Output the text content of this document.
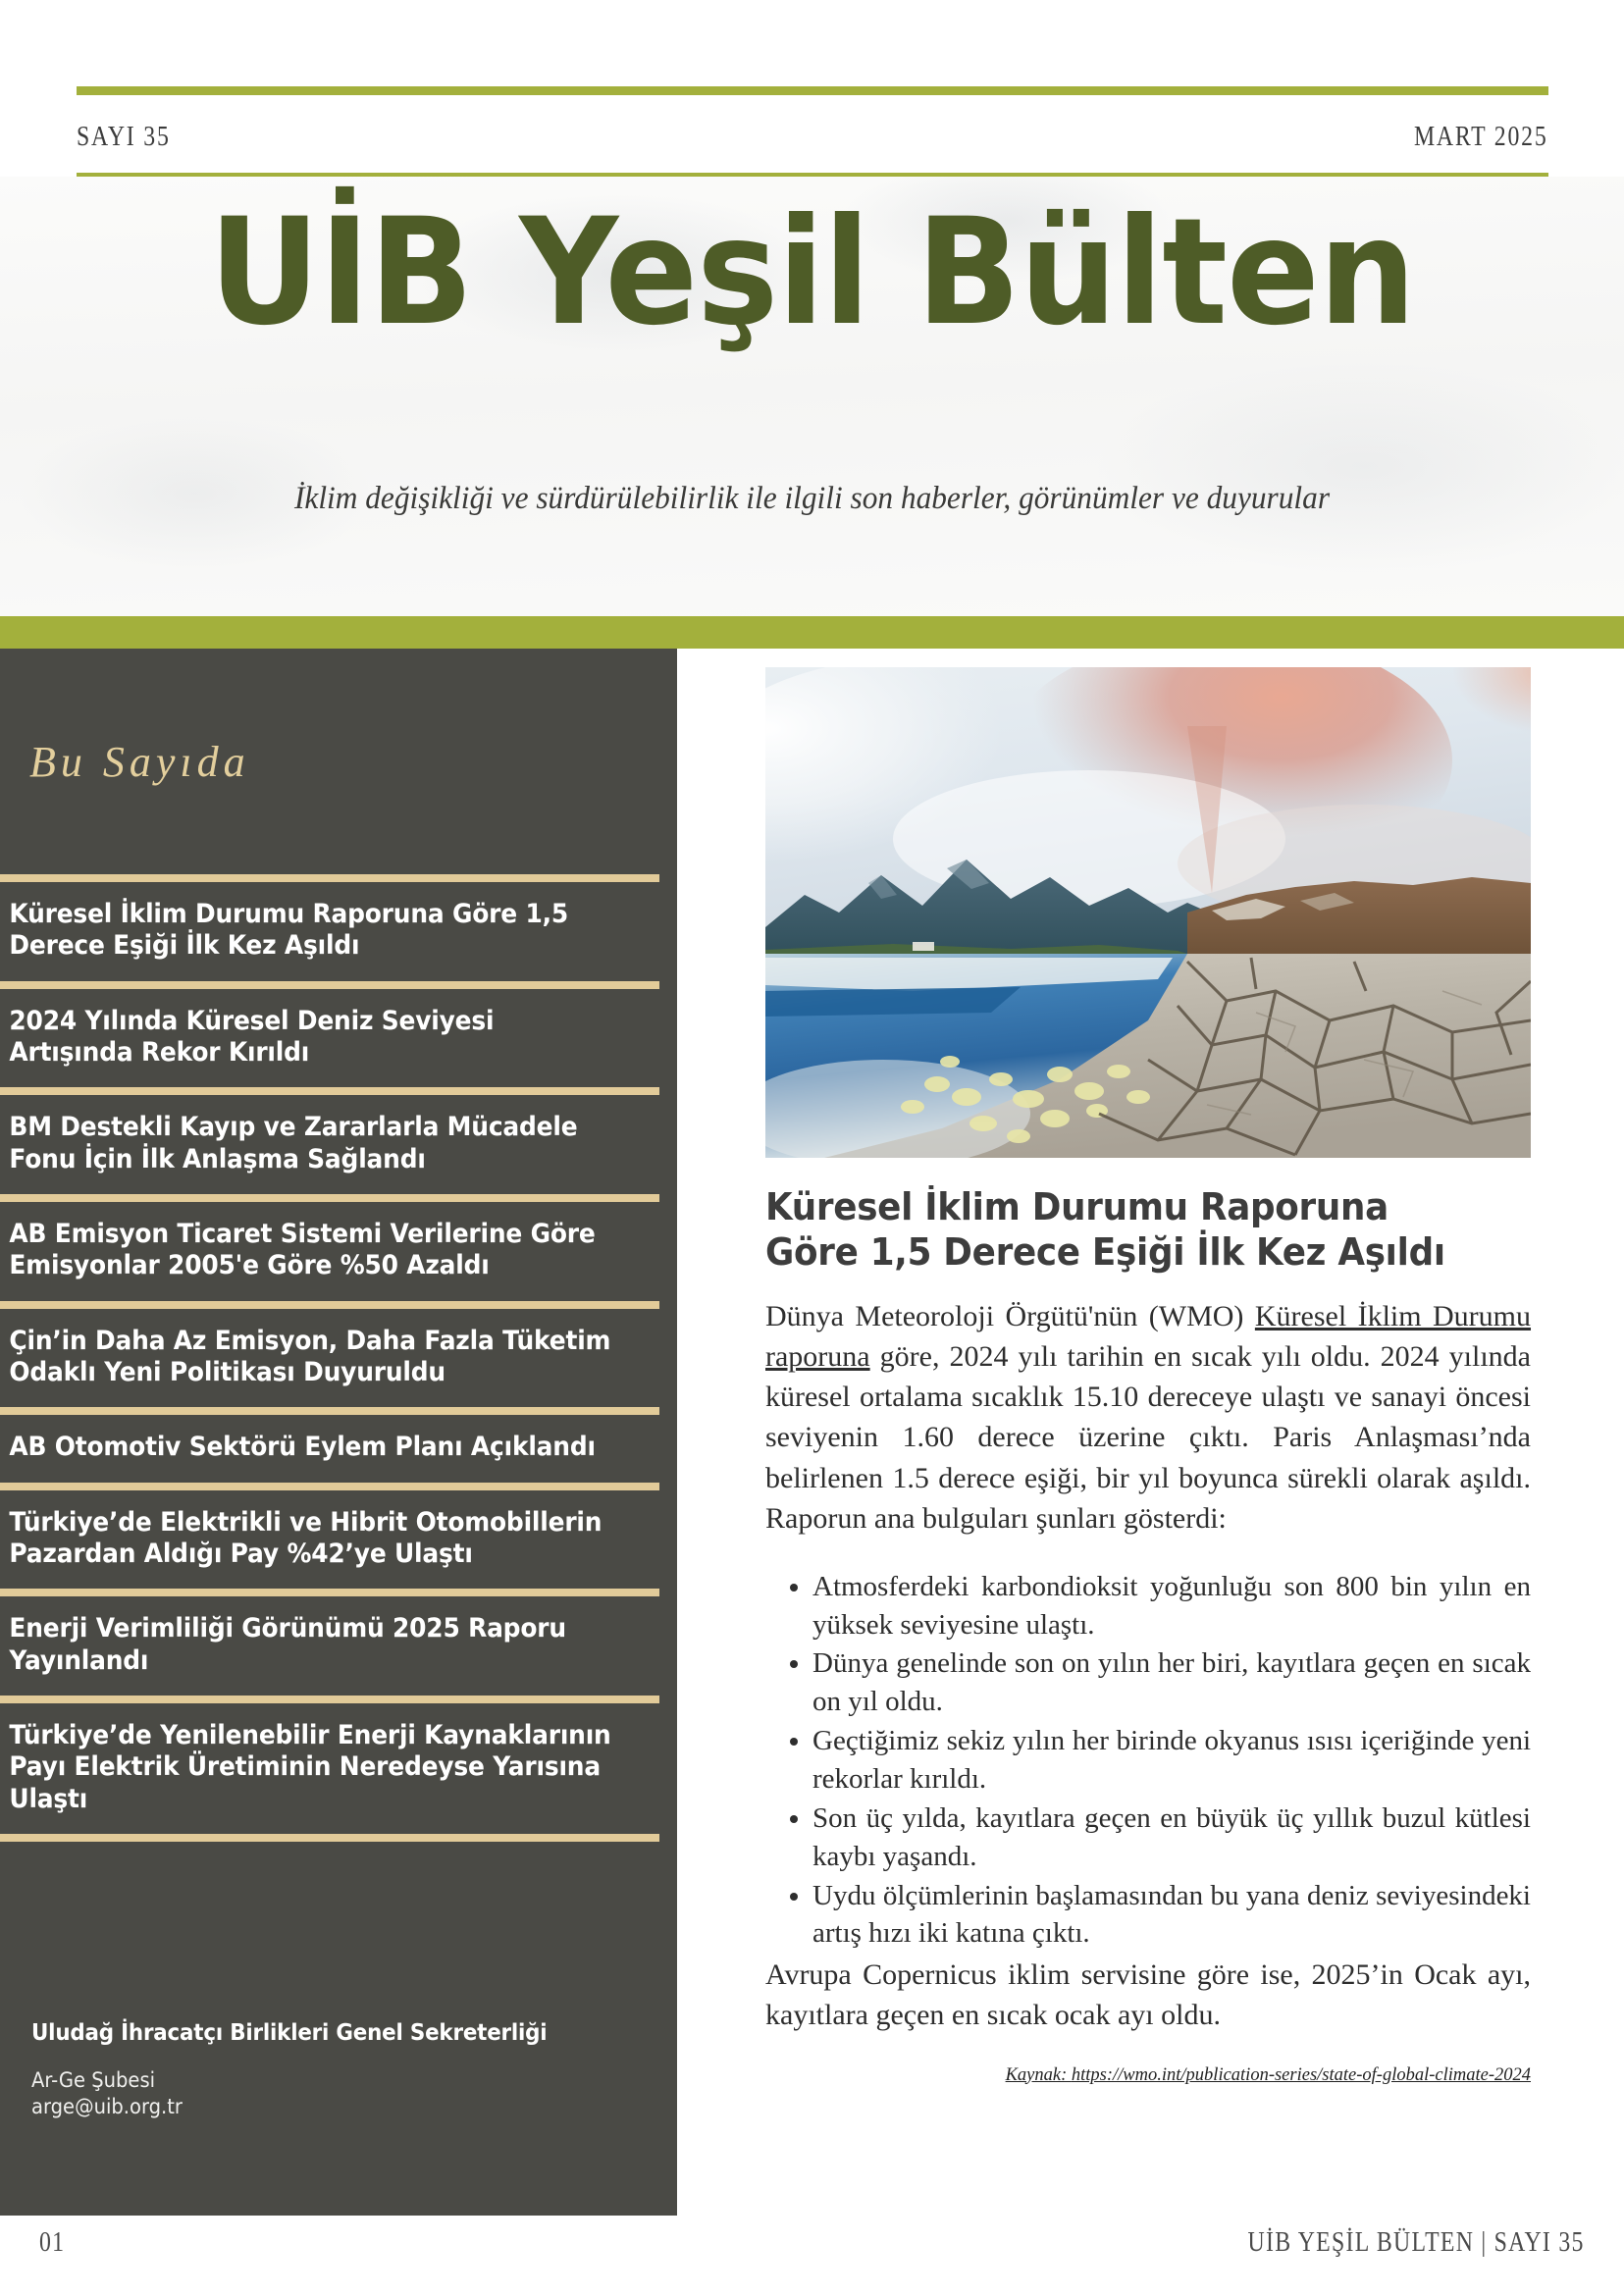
SAYI 35	MART 2025
UİB Yeşil Bülten
İklim değişikliği ve sürdürülebilirlik ile ilgili son haberler, görünümler ve duyurular
Bu Sayıda
Küresel İklim Durumu Raporuna Göre 1,5 Derece Eşiği İlk Kez Aşıldı
2024 Yılında Küresel Deniz Seviyesi Artışında Rekor Kırıldı
BM Destekli Kayıp ve Zararlarla Mücadele Fonu İçin İlk Anlaşma Sağlandı
AB Emisyon Ticaret Sistemi Verilerine Göre Emisyonlar 2005'e Göre %50 Azaldı
Çin’in Daha Az Emisyon, Daha Fazla Tüketim Odaklı Yeni Politikası Duyuruldu
AB Otomotiv Sektörü Eylem Planı Açıklandı
Türkiye’de Elektrikli ve Hibrit Otomobillerin Pazardan Aldığı Pay %42’ye Ulaştı
Enerji Verimliliği Görünümü 2025 Raporu Yayınlandı
Türkiye’de Yenilenebilir Enerji Kaynaklarının Payı Elektrik Üretiminin Neredeyse Yarısına Ulaştı
Uludağ İhracatçı Birlikleri Genel Sekreterliği
Ar-Ge Şubesi
arge@uib.org.tr
Küresel İklim Durumu Raporuna Göre 1,5 Derece Eşiği İlk Kez Aşıldı

Dünya Meteoroloji Örgütü'nün (WMO) Küresel İklim Durumu raporuna göre, 2024 yılı tarihin en sıcak yılı oldu. 2024 yılında küresel ortalama sıcaklık 15.10 dereceye ulaştı ve sanayi öncesi seviyenin 1.60 derece üzerine çıktı. Paris Anlaşması’nda belirlenen 1.5 derece eşiği, bir yıl boyunca sürekli olarak aşıldı. Raporun ana bulguları şunları gösterdi:

• Atmosferdeki karbondioksit yoğunluğu son 800 bin yılın en yüksek seviyesine ulaştı.
• Dünya genelinde son on yılın her biri, kayıtlara geçen en sıcak on yıl oldu.
• Geçtiğimiz sekiz yılın her birinde okyanus ısısı içeriğinde yeni rekorlar kırıldı.
• Son üç yılda, kayıtlara geçen en büyük üç yıllık buzul kütlesi kaybı yaşandı.
• Uydu ölçümlerinin başlamasından bu yana deniz seviyesindeki artış hızı iki katına çıktı.

Avrupa Copernicus iklim servisine göre ise, 2025’in Ocak ayı, kayıtlara geçen en sıcak ocak ayı oldu.

Kaynak: https://wmo.int/publication-series/state-of-global-climate-2024
01	UİB YEŞİL BÜLTEN | SAYI 35
